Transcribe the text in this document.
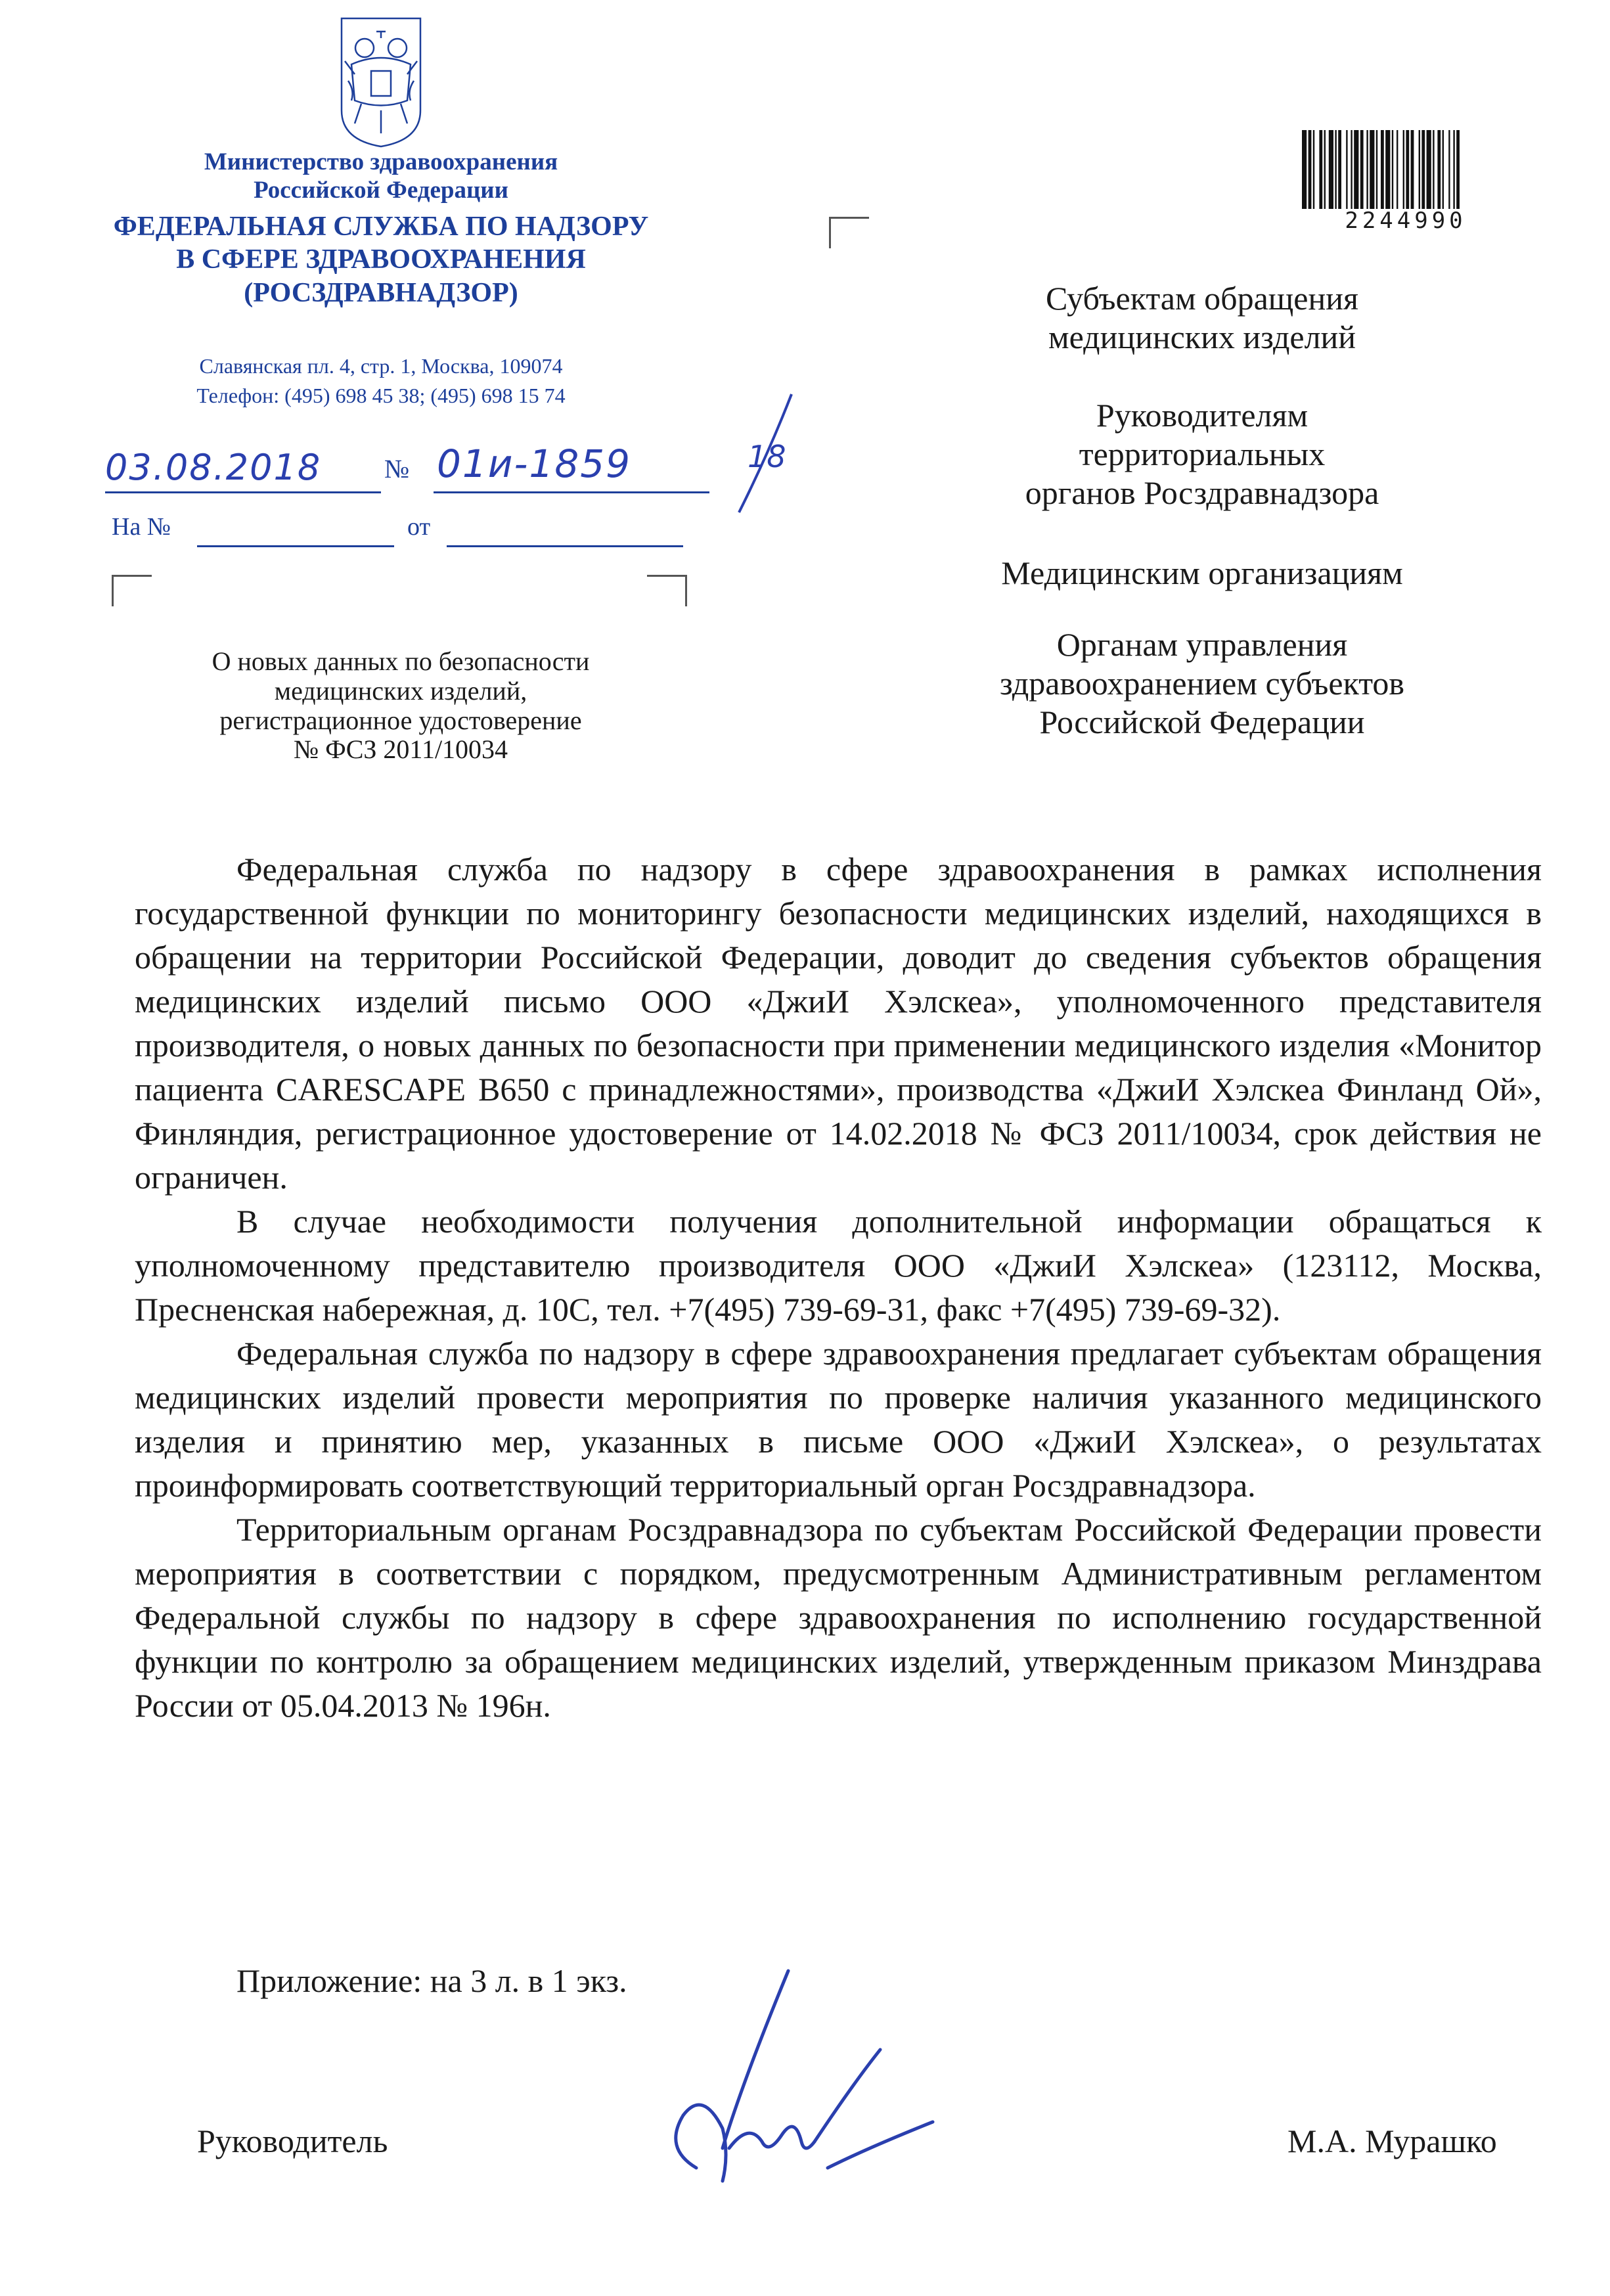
Министерство здравоохранения
Российской Федерации
ФЕДЕРАЛЬНАЯ СЛУЖБА ПО НАДЗОРУ
В СФЕРЕ ЗДРАВООХРАНЕНИЯ
(РОСЗДРАВНАДЗОР)
Славянская пл. 4, стр. 1, Москва, 109074
Телефон: (495) 698 45 38; (495) 698 15 74
03.08.2018 № 01и-1859	18
На №	от
О новых данных по безопасности
медицинских изделий,
регистрационное удостоверение
№ ФСЗ 2011/10034
2244990
Субъектам обращения
медицинских изделий
Руководителям
территориальных
органов Росздравнадзора
Медицинским организациям
Органам управления
здравоохранением субъектов
Российской Федерации

Федеральная служба по надзору в сфере здравоохранения в рамках исполнения государственной функции по мониторингу безопасности медицинских изделий, находящихся в обращении на территории Российской Федерации, доводит до сведения субъектов обращения медицинских изделий письмо ООО «ДжиИ Хэлскеа», уполномоченного представителя производителя, о новых данных по безопасности при применении медицинского изделия «Монитор пациента CARESCAPE B650 с принадлежностями», производства «ДжиИ Хэлскеа Финланд Ой», Финляндия, регистрационное удостоверение от 14.02.2018 № ФСЗ 2011/10034, срок действия не ограничен.

В случае необходимости получения дополнительной информации обращаться к уполномоченному представителю производителя ООО «ДжиИ Хэлскеа» (123112, Москва, Пресненская набережная, д. 10С, тел. +7(495) 739-69-31, факс +7(495) 739-69-32).

Федеральная служба по надзору в сфере здравоохранения предлагает субъектам обращения медицинских изделий провести мероприятия по проверке наличия указанного медицинского изделия и принятию мер, указанных в письме ООО «ДжиИ Хэлскеа», о результатах проинформировать соответствующий территориальный орган Росздравнадзора.

Территориальным органам Росздравнадзора по субъектам Российской Федерации провести мероприятия в соответствии с порядком, предусмотренным Административным регламентом Федеральной службы по надзору в сфере здравоохранения по исполнению государственной функции по контролю за обращением медицинских изделий, утвержденным приказом Минздрава России от 05.04.2013 № 196н.

Приложение: на 3 л. в 1 экз.
Руководитель	М.А. Мурашко
